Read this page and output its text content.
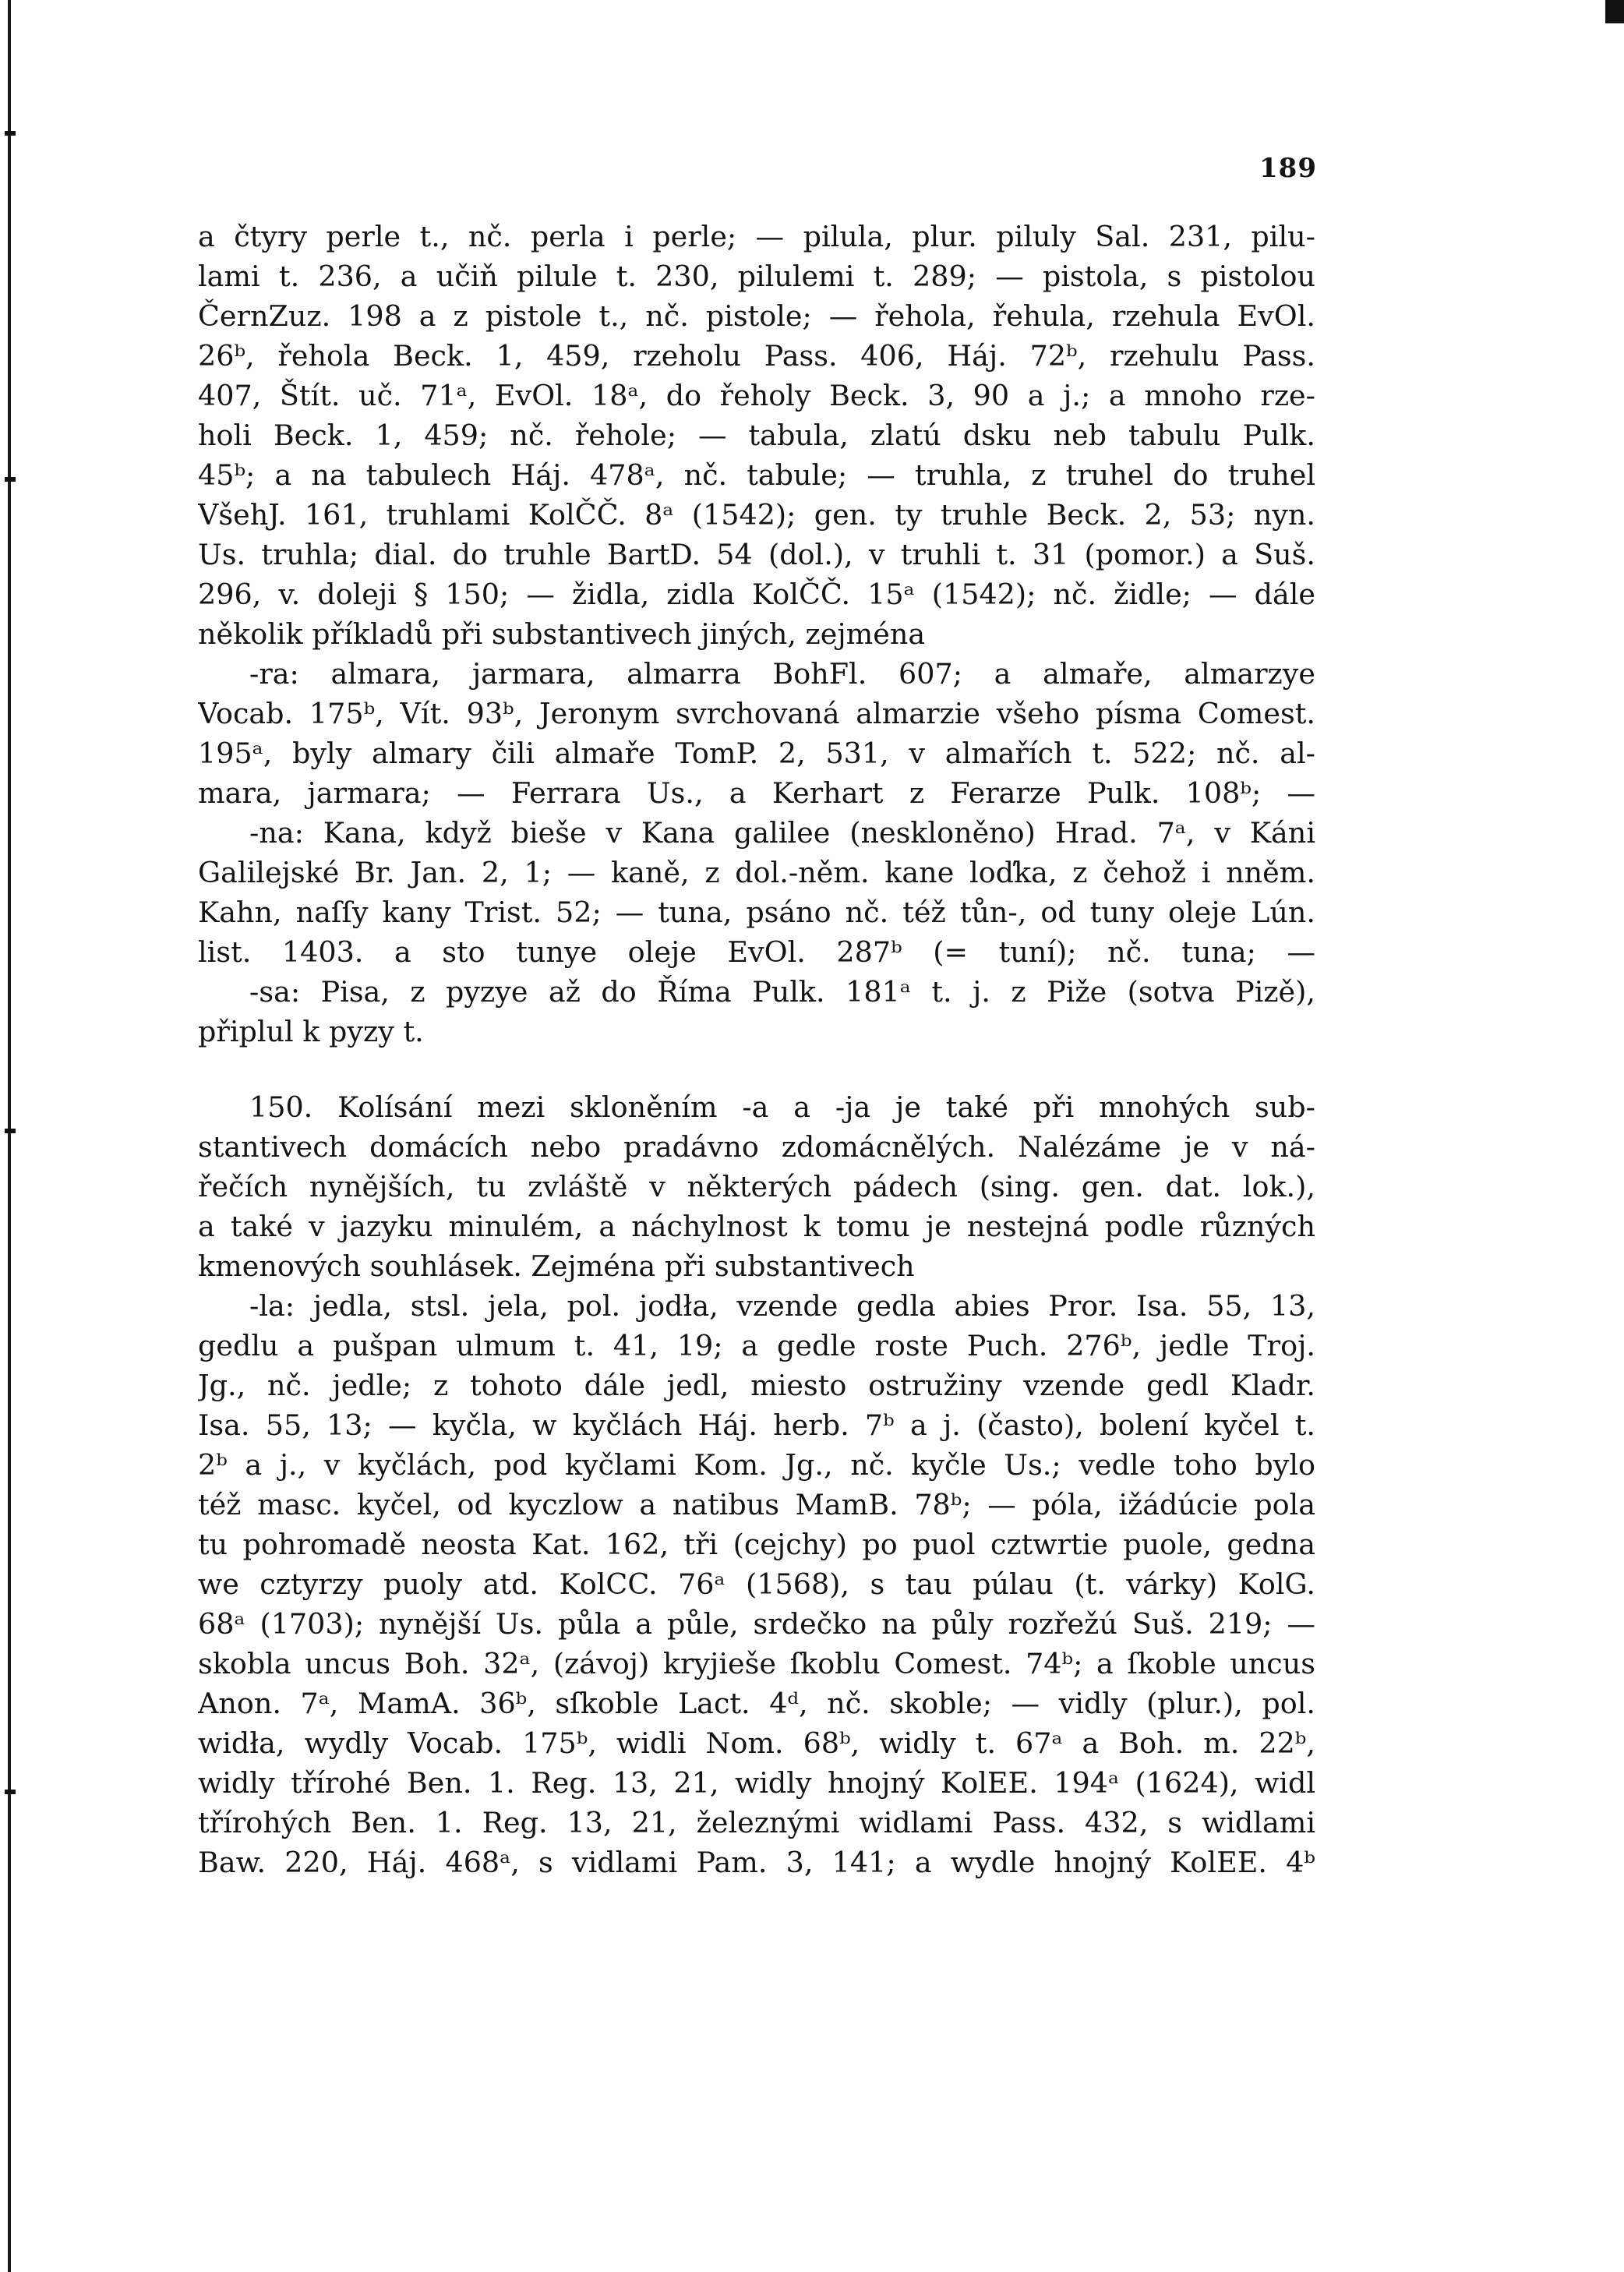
189
a čtyry perle t., nč. perla i perle; — pilula, plur. piluly Sal. 231, pilu-
lami t. 236, a učiň pilule t. 230, pilulemi t. 289; — pistola, s pistolou
ČernZuz. 198 a z pistole t., nč. pistole; — řehola, řehula, rzehula EvOl.
26ᵇ, řehola Beck. 1, 459, rzeholu Pass. 406, Háj. 72ᵇ, rzehulu Pass.
407, Štít. uč. 71ᵃ, EvOl. 18ᵃ, do řeholy Beck. 3, 90 a j.; a mnoho rze-
holi Beck. 1, 459; nč. řehole; — tabula, zlatú dsku neb tabulu Pulk.
45ᵇ; a na tabulech Háj. 478ᵃ, nč. tabule; — truhla, z truhel do truhel
VšehJ. 161, truhlami KolČČ. 8ᵃ (1542); gen. ty truhle Beck. 2, 53; nyn.
Us. truhla; dial. do truhle BartD. 54 (dol.), v truhli t. 31 (pomor.) a Suš.
296, v. doleji § 150; — židla, zidla KolČČ. 15ᵃ (1542); nč. židle; — dále
několik příkladů při substantivech jiných, zejména
-ra: almara, jarmara, almarra BohFl. 607; a almaře, almarzye
Vocab. 175ᵇ, Vít. 93ᵇ, Jeronym svrchovaná almarzie všeho písma Comest.
195ᵃ, byly almary čili almaře TomP. 2, 531, v almařích t. 522; nč. al-
mara, jarmara; — Ferrara Us., a Kerhart z Ferarze Pulk. 108ᵇ; —
-na: Kana, když bieše v Kana galilee (neskloněno) Hrad. 7ᵃ, v Káni
Galilejské Br. Jan. 2, 1; — kaně, z dol.-něm. kane loďka, z čehož i nněm.
Kahn, naſſy kany Trist. 52; — tuna, psáno nč. též tůn-, od tuny oleje Lún.
list. 1403. a sto tunye oleje EvOl. 287ᵇ (= tuní); nč. tuna; —
-sa: Pisa, z pyzye až do Říma Pulk. 181ᵃ t. j. z Piže (sotva Pizě),
připlul k pyzy t.
150. Kolísání mezi skloněním -a a -ja je také při mnohých sub-
stantivech domácích nebo pradávno zdomácnělých. Nalézáme je v ná-
řečích nynějších, tu zvláště v některých pádech (sing. gen. dat. lok.),
a také v jazyku minulém, a náchylnost k tomu je nestejná podle různých
kmenových souhlásek. Zejména při substantivech
-la: jedla, stsl. jela, pol. jodła, vzende gedla abies Pror. Isa. 55, 13,
gedlu a pušpan ulmum t. 41, 19; a gedle roste Puch. 276ᵇ, jedle Troj.
Jg., nč. jedle; z tohoto dále jedl, miesto ostružiny vzende gedl Kladr.
Isa. 55, 13; — kyčla, w kyčlách Háj. herb. 7ᵇ a j. (často), bolení kyčel t.
2ᵇ a j., v kyčlách, pod kyčlami Kom. Jg., nč. kyčle Us.; vedle toho bylo
též masc. kyčel, od kyczlow a natibus MamB. 78ᵇ; — póla, ižádúcie pola
tu pohromadě neosta Kat. 162, tři (cejchy) po puol cztwrtie puole, gedna
we cztyrzy puoly atd. KolCC. 76ᵃ (1568), s tau púlau (t. várky) KolG.
68ᵃ (1703); nynější Us. půla a půle, srdečko na půly rozřežú Suš. 219; —
skobla uncus Boh. 32ᵃ, (závoj) kryjieše ſkoblu Comest. 74ᵇ; a ſkoble uncus
Anon. 7ᵃ, MamA. 36ᵇ, sſkoble Lact. 4ᵈ, nč. skoble; — vidly (plur.), pol.
widła, wydly Vocab. 175ᵇ, widli Nom. 68ᵇ, widly t. 67ᵃ a Boh. m. 22ᵇ,
widly třírohé Ben. 1. Reg. 13, 21, widly hnojný KolEE. 194ᵃ (1624), widl
třírohých Ben. 1. Reg. 13, 21, železnými widlami Pass. 432, s widlami
Baw. 220, Háj. 468ᵃ, s vidlami Pam. 3, 141; a wydle hnojný KolEE. 4ᵇ
